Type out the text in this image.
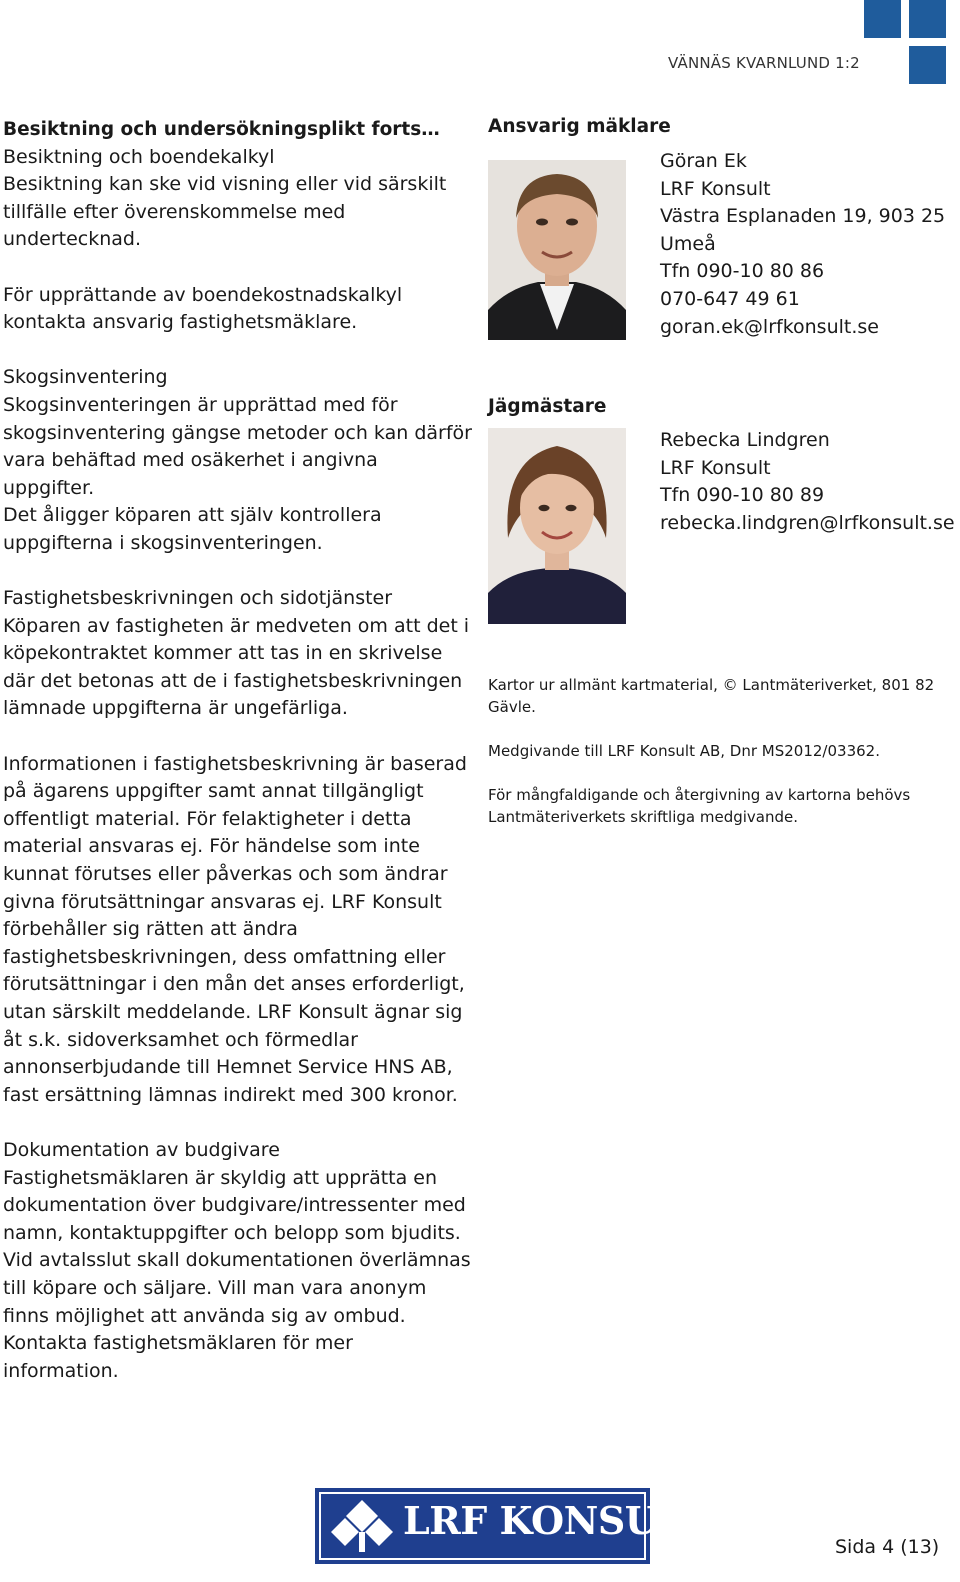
VÄNNÄS KVARNLUND 1:2

Besiktning och undersökningsplikt forts…
Besiktning och boendekalkyl
Besiktning kan ske vid visning eller vid särskilt
tillfälle efter överenskommelse med
undertecknad.

För upprättande av boendekostnadskalkyl
kontakta ansvarig fastighetsmäklare.

Skogsinventering
Skogsinventeringen är upprättad med för
skogsinventering gängse metoder och kan därför
vara behäftad med osäkerhet i angivna uppgifter.
Det åligger köparen att själv kontrollera
uppgifterna i skogsinventeringen.

Fastighetsbeskrivningen och sidotjänster
Köparen av fastigheten är medveten om att det i
köpekontraktet kommer att tas in en skrivelse
där det betonas att de i fastighetsbeskrivningen
lämnade uppgifterna är ungefärliga.

Informationen i fastighetsbeskrivning är baserad
på ägarens uppgifter samt annat tillgängligt
offentligt material. För felaktigheter i detta
material ansvaras ej. För händelse som inte
kunnat förutses eller påverkas och som ändrar
givna förutsättningar ansvaras ej. LRF Konsult
förbehåller sig rätten att ändra
fastighetsbeskrivningen, dess omfattning eller
förutsättningar i den mån det anses erforderligt,
utan särskilt meddelande. LRF Konsult ägnar sig
åt s.k. sidoverksamhet och förmedlar
annonserbjudande till Hemnet Service HNS AB,
fast ersättning lämnas indirekt med 300 kronor.

Dokumentation av budgivare
Fastighetsmäklaren är skyldig att upprätta en
dokumentation över budgivare/intressenter med
namn, kontaktuppgifter och belopp som bjudits.
Vid avtalsslut skall dokumentationen överlämnas
till köpare och säljare. Vill man vara anonym
finns möjlighet att använda sig av ombud.
Kontakta fastighetsmäklaren för mer
information.

Ansvarig mäklare
Göran Ek
LRF Konsult
Västra Esplanaden 19, 903 25
Umeå
Tfn 090-10 80 86
070-647 49 61
goran.ek@lrfkonsult.se
Jägmästare
Rebecka Lindgren
LRF Konsult
Tfn 090-10 80 89
rebecka.lindgren@lrfkonsult.se

Kartor ur allmänt kartmaterial, © Lantmäteriverket, 801 82
Gävle.

Medgivande till LRF Konsult AB, Dnr MS2012/03362.

För mångfaldigande och återgivning av kartorna behövs
Lantmäteriverkets skriftliga medgivande.

LRF KONSULT
Sida 4 (13)
